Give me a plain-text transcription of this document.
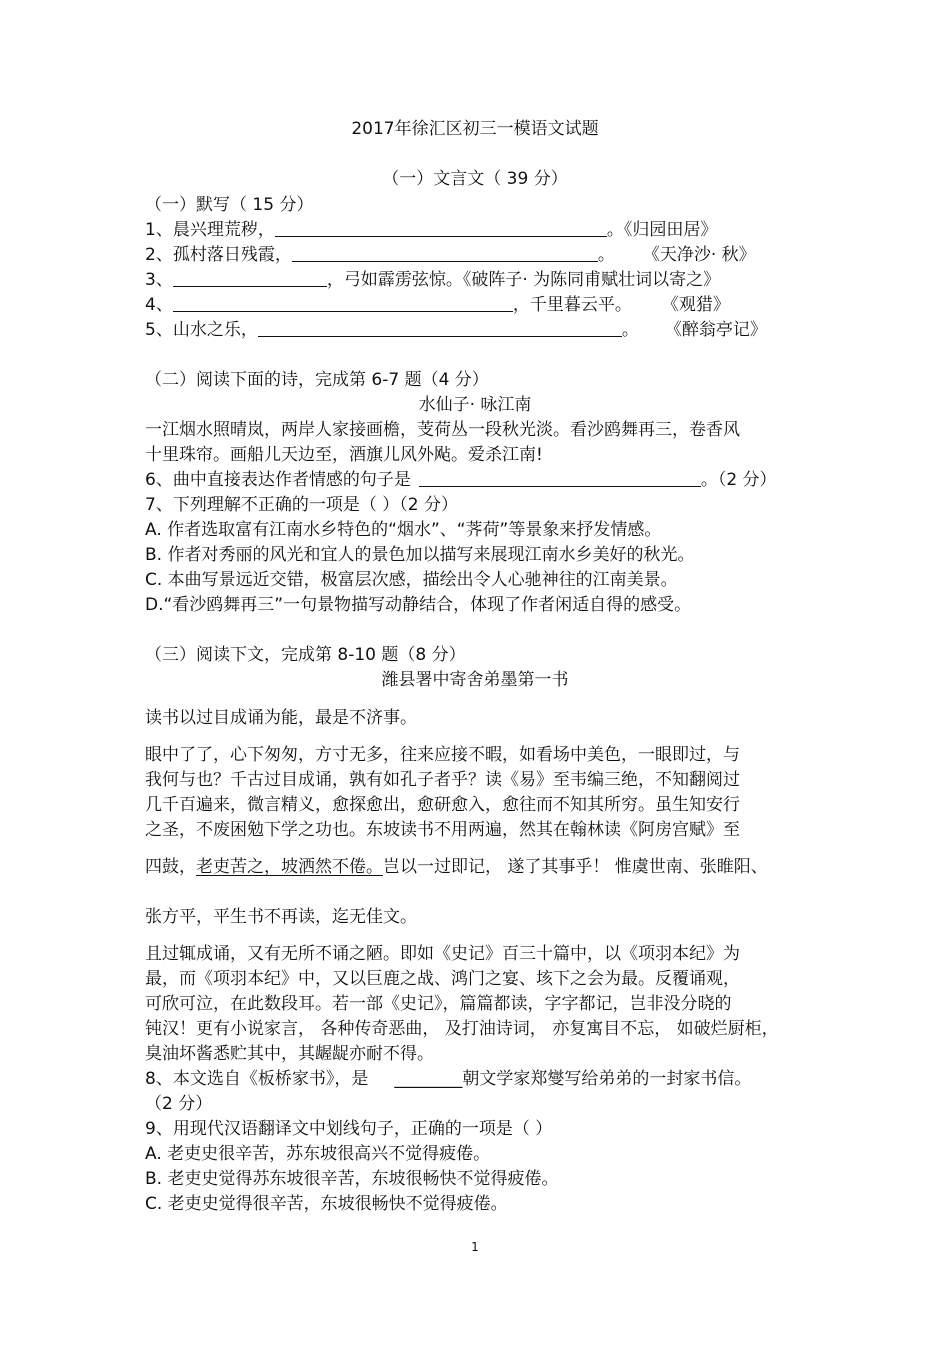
2017年徐汇区初三一模语文试题
（一）文言文（ 39 分）
（一）默写（ 15 分）
1、晨兴理荒秽，	。《归园田居》
2、孤村落日残霞，	。 《天净沙· 秋》
3、	，弓如霹雳弦惊。《破阵子· 为陈同甫赋壮词以寄之》
4、	，千里暮云平。 《观猎》
5、山水之乐，	。 《醉翁亭记》
（二）阅读下面的诗，完成第 6-7 题（4 分）
水仙子· 咏江南
一江烟水照晴岚，两岸人家接画檐，芰荷丛一段秋光淡。看沙鸥舞再三，卷香风
十里珠帘。画船儿天边至，酒旗儿风外飐。爱杀江南!
6、曲中直接表达作者情感的句子是	。（2 分）
7、下列理解不正确的一项是（ ）（2 分）
A. 作者选取富有江南水乡特色的“烟水”、“荠荷”等景象来抒发情感。
B. 作者对秀丽的风光和宜人的景色加以描写来展现江南水乡美好的秋光。
C. 本曲写景远近交错，极富层次感，描绘出令人心驰神往的江南美景。
D.“看沙鸥舞再三”一句景物描写动静结合，体现了作者闲适自得的感受。
（三）阅读下文，完成第 8-10 题（8 分）
潍县署中寄舍弟墨第一书
读书以过目成诵为能，最是不济事。
眼中了了，心下匆匆，方寸无多，往来应接不暇，如看场中美色，一眼即过，与
我何与也？千古过目成诵，孰有如孔子者乎？读《易》至韦编三绝，不知翻阅过
几千百遍来，微言精义，愈探愈出，愈研愈入，愈往而不知其所穷。虽生知安行
之圣，不废困勉下学之功也。东坡读书不用两遍，然其在翰林读《阿房宫赋》至
四鼓，老吏苦之，坡洒然不倦。岂以一过即记， 遂了其事乎！ 惟虞世南、张睢阳、
张方平，平生书不再读，迄无佳文。
且过辄成诵，又有无所不诵之陋。即如《史记》百三十篇中，以《项羽本纪》为
最，而《项羽本纪》中，又以巨鹿之战、鸿门之宴、垓下之会为最。反覆诵观，
可欣可泣，在此数段耳。若一部《史记》，篇篇都读，字字都记，岂非没分晓的
钝汉！更有小说家言， 各种传奇恶曲， 及打油诗词， 亦复寓目不忘， 如破烂厨柜，
臭油坏酱悉贮其中，其龌龊亦耐不得。
8、本文选自《板桥家书》，是 ________朝文学家郑燮写给弟弟的一封家书信。
（2 分）
9、用现代汉语翻译文中划线句子，正确的一项是（ ）
A. 老吏史很辛苦，苏东坡很高兴不觉得疲倦。
B. 老吏史觉得苏东坡很辛苦，东坡很畅快不觉得疲倦。
C. 老吏史觉得很辛苦，东坡很畅快不觉得疲倦。
1
